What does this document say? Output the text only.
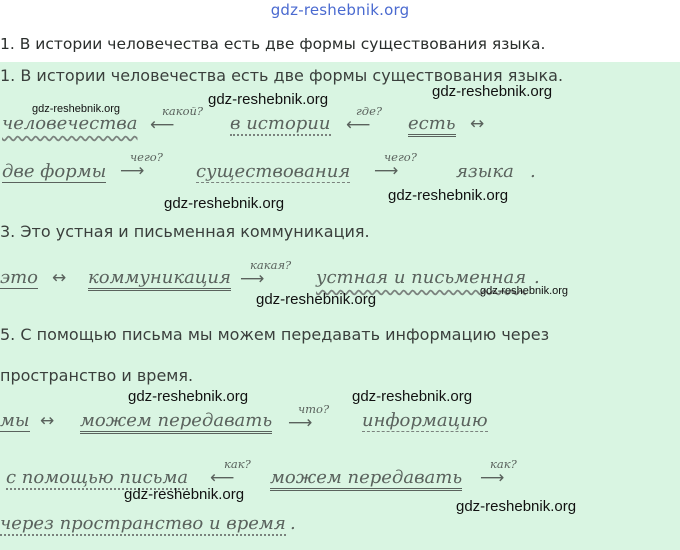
gdz-reshebnik.org
1. В истории человечества есть две формы существования языка.
1. В истории человечества есть две формы существования языка.
gdz-reshebnik.org
gdz-reshebnik.org	gdz-reshebnik.org
человечества
какой?
⟵	в истории
где?
⟵ есть ↔
две формы
чего?
⟶	существования
чего?
⟶	языка .
gdz-reshebnik.org	gdz-reshebnik.org
3. Это устная и письменная коммуникация.
это ↔ коммуникация
какая?
⟶	устная и письменная .
gdz-reshebnik.org	gdz-reshebnik.org
5. С помощью письма мы можем передавать информацию через
пространство и время.
gdz-reshebnik.org	gdz-reshebnik.org
мы ↔ можем передавать
что?
⟶	информацию
с помощью письма
как?
⟵ можем передавать
как?
⟶
gdz-reshebnik.org
gdz-reshebnik.org
через пространство и время .
